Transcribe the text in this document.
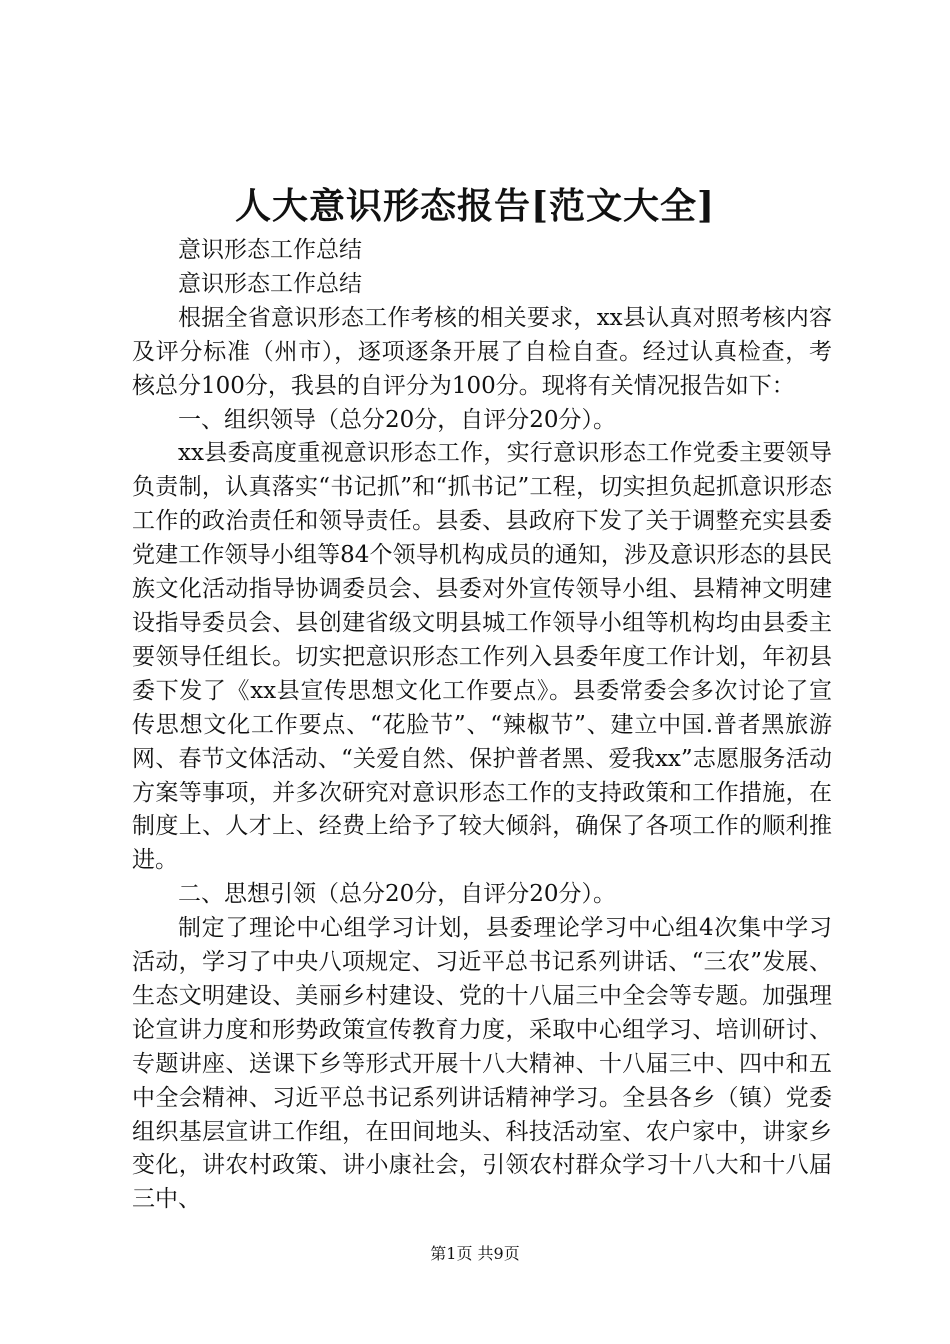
人大意识形态报告[范文大全]

意识形态工作总结

意识形态工作总结

根据全省意识形态工作考核的相关要求，xx县认真对照考核内容及评分标准（州市），逐项逐条开展了自检自查。经过认真检查，考核总分100分，我县的自评分为100分。现将有关情况报告如下：

一、组织领导（总分20分，自评分20分）。

xx县委高度重视意识形态工作，实行意识形态工作党委主要领导负责制，认真落实“书记抓”和“抓书记”工程，切实担负起抓意识形态工作的政治责任和领导责任。县委、县政府下发了关于调整充实县委党建工作领导小组等84个领导机构成员的通知，涉及意识形态的县民族文化活动指导协调委员会、县委对外宣传领导小组、县精神文明建设指导委员会、县创建省级文明县城工作领导小组等机构均由县委主要领导任组长。切实把意识形态工作列入县委年度工作计划，年初县委下发了《xx县宣传思想文化工作要点》。县委常委会多次讨论了宣传思想文化工作要点、“花脸节”、“辣椒节”、建立中国.普者黑旅游网、春节文体活动、“关爱自然、保护普者黑、爱我xx”志愿服务活动方案等事项，并多次研究对意识形态工作的支持政策和工作措施，在制度上、人才上、经费上给予了较大倾斜，确保了各项工作的顺利推进。

二、思想引领（总分20分，自评分20分）。

制定了理论中心组学习计划，县委理论学习中心组4次集中学习活动，学习了中央八项规定、习近平总书记系列讲话、“三农”发展、生态文明建设、美丽乡村建设、党的十八届三中全会等专题。加强理论宣讲力度和形势政策宣传教育力度，采取中心组学习、培训研讨、专题讲座、送课下乡等形式开展十八大精神、十八届三中、四中和五中全会精神、习近平总书记系列讲话精神学习。全县各乡（镇）党委组织基层宣讲工作组，在田间地头、科技活动室、农户家中，讲家乡变化，讲农村政策、讲小康社会，引领农村群众学习十八大和十八届三中、

第1页 共9页
